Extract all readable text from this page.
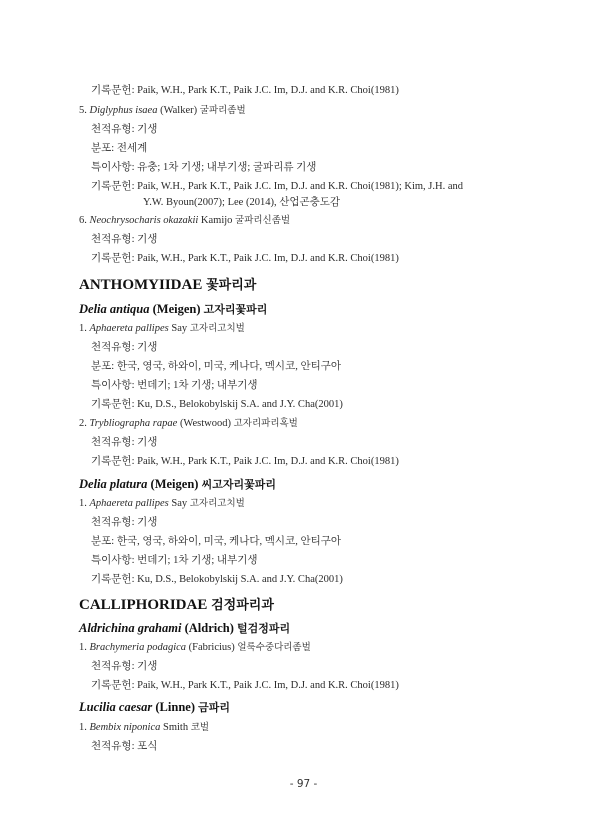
기록문헌: Paik, W.H., Park K.T., Paik J.C. Im, D.J. and K.R. Choi(1981)
5. Diglyphus isaea (Walker) 굴파리좀벌
천적유형: 기생
분포: 전세계
특이사항: 유충; 1차 기생; 내부기생; 굴파리류 기생
기록문헌: Paik, W.H., Park K.T., Paik J.C. Im, D.J. and K.R. Choi(1981); Kim, J.H. and
Y.W. Byoun(2007); Lee (2014), 산업곤충도감
6. Neochrysocharis okazakii Kamijo 굴파리신좀벌
천적유형: 기생
기록문헌: Paik, W.H., Park K.T., Paik J.C. Im, D.J. and K.R. Choi(1981)
ANTHOMYIIDAE 꽃파리과
Delia antiqua (Meigen) 고자리꽃파리
1. Aphaereta pallipes Say 고자리고치벌
천적유형: 기생
분포: 한국, 영국, 하와이, 미국, 케나다, 멕시코, 안티구아
특이사항: 번데기; 1차 기생; 내부기생
기록문헌: Ku, D.S., Belokobylskij S.A. and J.Y. Cha(2001)
2. Trybliographa rapae (Westwood) 고자리파리혹벌
천적유형: 기생
기록문헌: Paik, W.H., Park K.T., Paik J.C. Im, D.J. and K.R. Choi(1981)
Delia platura (Meigen) 씨고자리꽃파리
1. Aphaereta pallipes Say 고자리고치벌
천적유형: 기생
분포: 한국, 영국, 하와이, 미국, 케나다, 멕시코, 안티구아
특이사항: 번데기; 1차 기생; 내부기생
기록문헌: Ku, D.S., Belokobylskij S.A. and J.Y. Cha(2001)
CALLIPHORIDAE 검정파리과
Aldrichina grahami (Aldrich) 털검정파리
1. Brachymeria podagica (Fabricius) 얼룩수중다리좀벌
천적유형: 기생
기록문헌: Paik, W.H., Park K.T., Paik J.C. Im, D.J. and K.R. Choi(1981)
Lucilia caesar (Linne) 금파리
1. Bembix niponica Smith 코벌
천적유형: 포식
- 97 -
